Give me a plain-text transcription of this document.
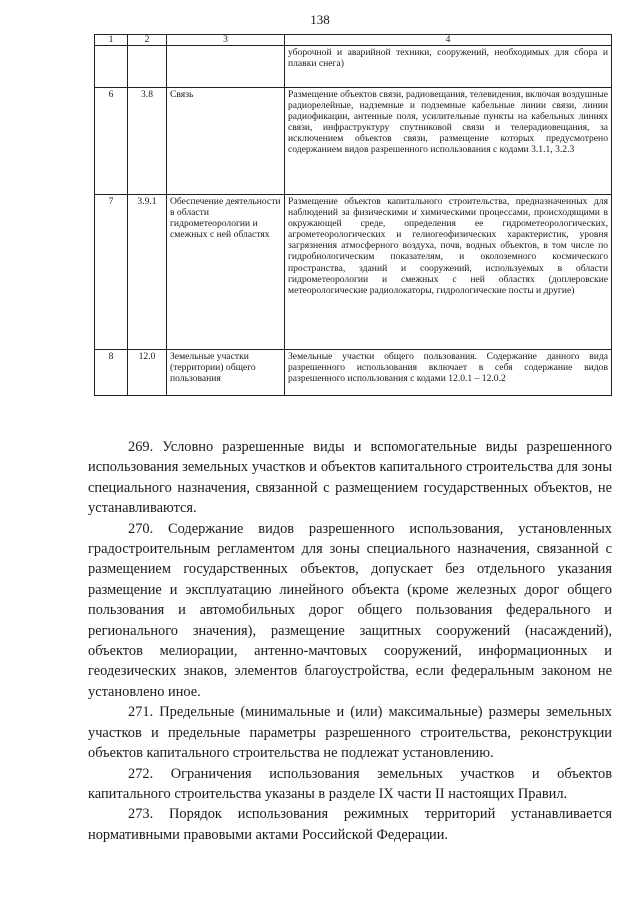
138
1	2	3	4
			уборочной и аварийной техники, сооружений, необходимых для сбора и плавки снега)
6	3.8	Связь	Размещение объектов связи, радиовещания, телевидения, включая воздушные радиорелейные, надземные и подземные кабельные линии связи, линии радиофикации, антенные поля, усилительные пункты на кабельных линиях связи, инфраструктуру спутниковой связи и телерадиовещания, за исключением объектов связи, размещение которых предусмотрено содержанием видов разрешенного использования с кодами 3.1.1, 3.2.3
7	3.9.1	Обеспечение деятельности в области гидрометеорологии и смежных с ней областях	Размещение объектов капитального строительства, предназначенных для наблюдений за физическими и химическими процессами, происходящими в окружающей среде, определения ее гидрометеорологических, агрометеорологических и гелиогеофизических характеристик, уровня загрязнения атмосферного воздуха, почв, водных объектов, в том числе по гидробиологическим показателям, и околоземного космического пространства, зданий и сооружений, используемых в области гидрометеорологии и смежных с ней областях (доплеровские метеорологические радиолокаторы, гидрологические посты и другие)
8	12.0	Земельные участки (территории) общего пользования	Земельные участки общего пользования. Содержание данного вида разрешенного использования включает в себя содержание видов разрешенного использования с кодами 12.0.1 – 12.0.2

269. Условно разрешенные виды и вспомогательные виды разрешенного использования земельных участков и объектов капитального строительства для зоны специального назначения, связанной с размещением государственных объектов, не устанавливаются.

270. Содержание видов разрешенного использования, установленных градостроительным регламентом для зоны специального назначения, связанной с размещением государственных объектов, допускает без отдельного указания размещение и эксплуатацию линейного объекта (кроме железных дорог общего пользования и автомобильных дорог общего пользования федерального и регионального значения), размещение защитных сооружений (насаждений), объектов мелиорации, антенно-мачтовых сооружений, информационных и геодезических знаков, элементов благоустройства, если федеральным законом не установлено иное.

271. Предельные (минимальные и (или) максимальные) размеры земельных участков и предельные параметры разрешенного строительства, реконструкции объектов капитального строительства не подлежат установлению.

272. Ограничения использования земельных участков и объектов капитального строительства указаны в разделе IX части II настоящих Правил.

273. Порядок использования режимных территорий устанавливается нормативными правовыми актами Российской Федерации.
